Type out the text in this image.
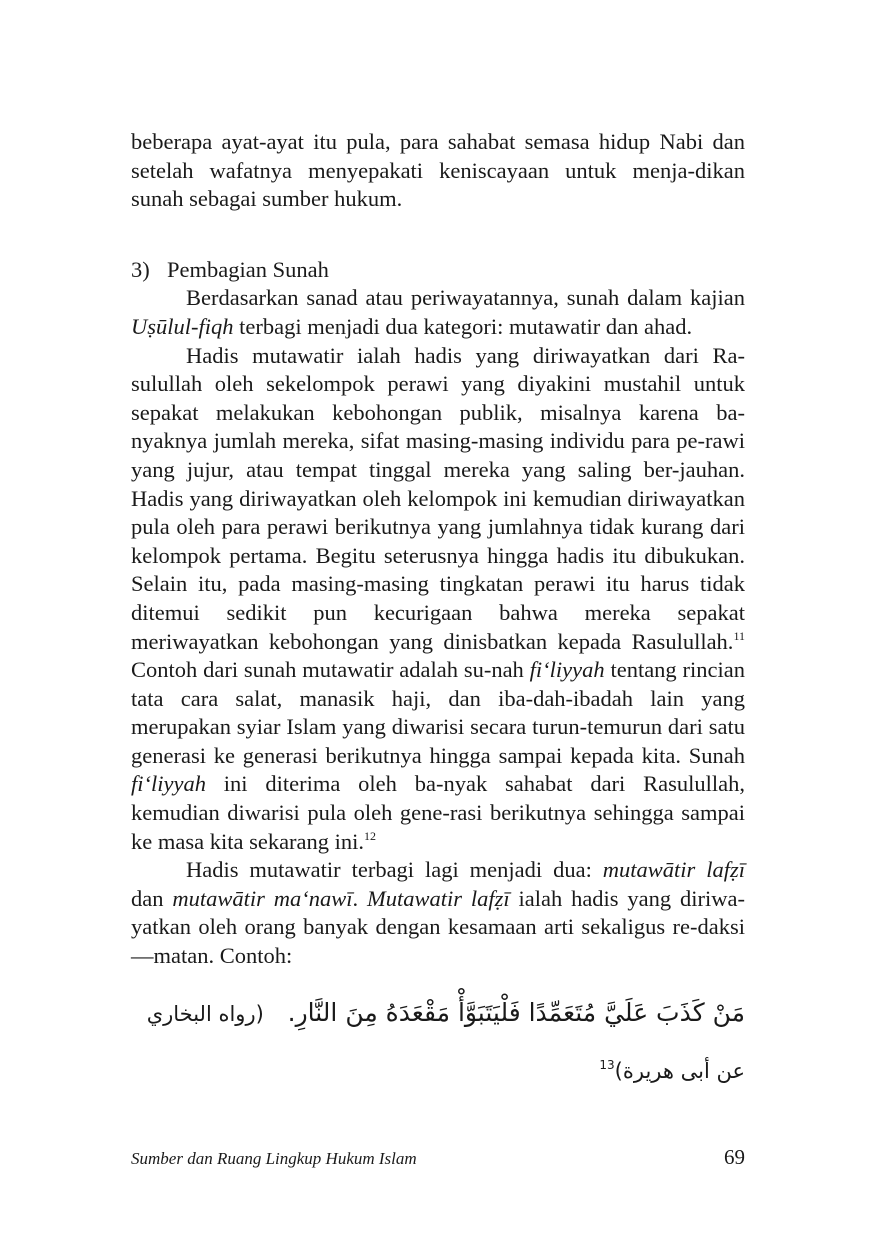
beberapa ayat-ayat itu pula, para sahabat semasa hidup Nabi dan setelah wafatnya menyepakati keniscayaan untuk menja-dikan sunah sebagai sumber hukum.

3) Pembagian Sunah

Berdasarkan sanad atau periwayatannya, sunah dalam kajian Uṣūlul-fiqh terbagi menjadi dua kategori: mutawatir dan ahad.

Hadis mutawatir ialah hadis yang diriwayatkan dari Ra-sulullah oleh sekelompok perawi yang diyakini mustahil untuk sepakat melakukan kebohongan publik, misalnya karena ba-nyaknya jumlah mereka, sifat masing-masing individu para pe-rawi yang jujur, atau tempat tinggal mereka yang saling ber-jauhan. Hadis yang diriwayatkan oleh kelompok ini kemudian diriwayatkan pula oleh para perawi berikutnya yang jumlahnya tidak kurang dari kelompok pertama. Begitu seterusnya hingga hadis itu dibukukan. Selain itu, pada masing-masing tingkatan perawi itu harus tidak ditemui sedikit pun kecurigaan bahwa mereka sepakat meriwayatkan kebohongan yang dinisbatkan kepada Rasulullah.$^{11}$ Contoh dari sunah mutawatir adalah su-nah fi‘liyyah tentang rincian tata cara salat, manasik haji, dan iba-dah-ibadah lain yang merupakan syiar Islam yang diwarisi secara turun-temurun dari satu generasi ke generasi berikutnya hingga sampai kepada kita. Sunah fi‘liyyah ini diterima oleh ba-nyak sahabat dari Rasulullah, kemudian diwarisi pula oleh gene-rasi berikutnya sehingga sampai ke masa kita sekarang ini.$^{12}$

Hadis mutawatir terbagi lagi menjadi dua: mutawātir lafẓī dan mutawātir ma‘nawī. Mutawatir lafẓī ialah hadis yang diriwa-yatkan oleh orang banyak dengan kesamaan arti sekaligus re-daksi—matan. Contoh:

مَنْ كَذَبَ عَلَيَّ مُتَعَمِّدًا فَلْيَتَبَوَّأْ مَقْعَدَهُ مِنَ النَّارِ.   (رواه البخاري عن أبى هريرة)$^{13}$

Sumber dan Ruang Lingkup Hukum Islam	69
